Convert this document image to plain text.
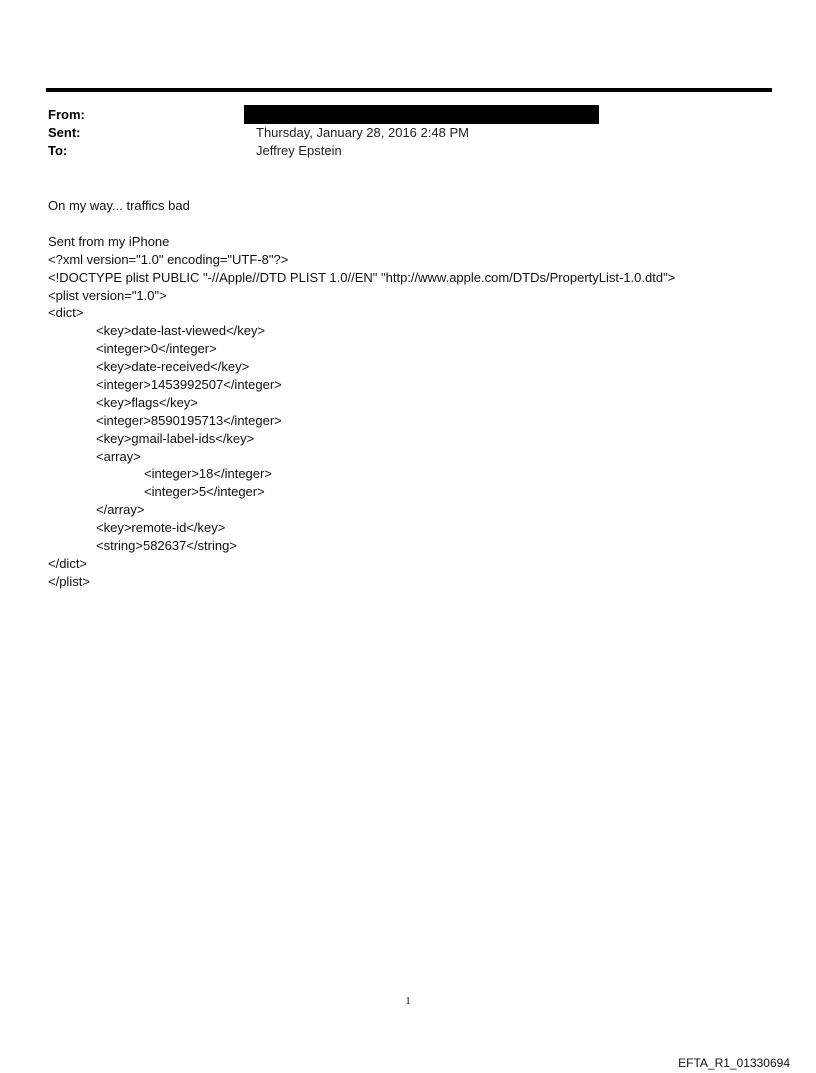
From:
Sent:	Thursday, January 28, 2016 2:48 PM
To:	Jeffrey Epstein
On my way... traffics bad
Sent from my iPhone
<?xml version="1.0" encoding="UTF-8"?>
<!DOCTYPE plist PUBLIC "-//Apple//DTD PLIST 1.0//EN" "http://www.apple.com/DTDs/PropertyList-1.0.dtd">
<plist version="1.0">
<dict>
<key>date-last-viewed</key>
<integer>0</integer>
<key>date-received</key>
<integer>1453992507</integer>
<key>flags</key>
<integer>8590195713</integer>
<key>gmail-label-ids</key>
<array>
<integer>18</integer>
<integer>5</integer>
</array>
<key>remote-id</key>
<string>582637</string>
</dict>
</plist>
1
EFTA_R1_01330694
